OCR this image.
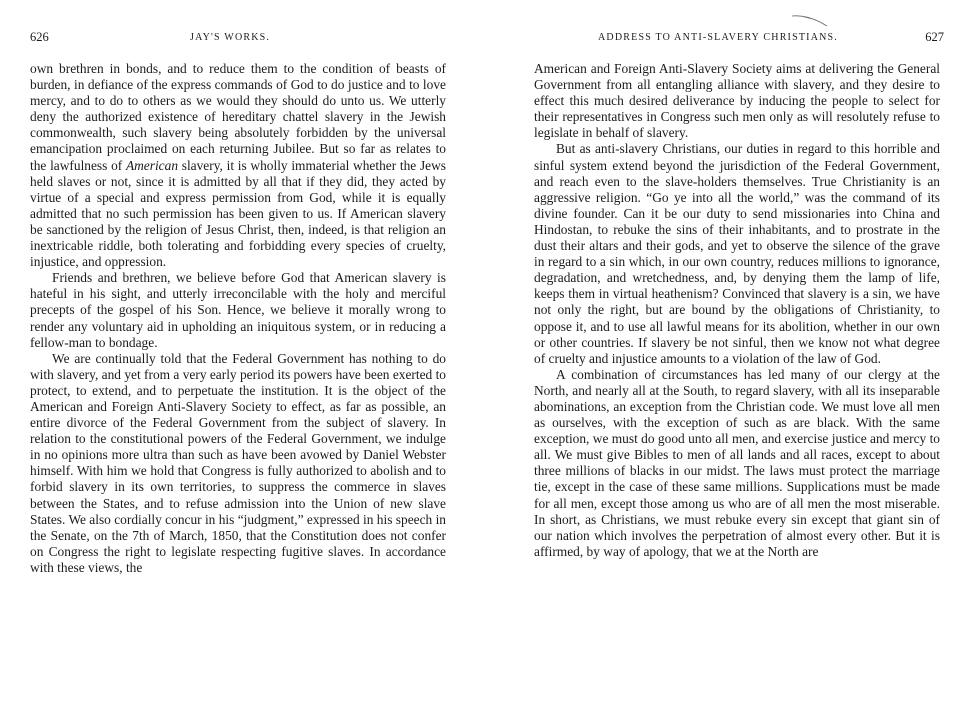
626	JAY'S WORKS.

own brethren in bonds, and to reduce them to the condition of beasts of burden, in defiance of the express commands of God to do justice and to love mercy, and to do to others as we would they should do unto us. We utterly deny the authorized existence of hereditary chattel slavery in the Jewish commonwealth, such slavery being absolutely forbidden by the universal emancipation proclaimed on each returning Jubilee. But so far as relates to the lawfulness of American slavery, it is wholly immaterial whether the Jews held slaves or not, since it is admitted by all that if they did, they acted by virtue of a special and express permission from God, while it is equally admitted that no such permission has been given to us. If American slavery be sanctioned by the religion of Jesus Christ, then, indeed, is that religion an inextricable riddle, both tolerating and forbidding every species of cruelty, injustice, and oppression.

Friends and brethren, we believe before God that American slavery is hateful in his sight, and utterly irreconcilable with the holy and merciful precepts of the gospel of his Son. Hence, we believe it morally wrong to render any voluntary aid in upholding an iniquitous system, or in reducing a fellow-man to bondage.

We are continually told that the Federal Government has nothing to do with slavery, and yet from a very early period its powers have been exerted to protect, to extend, and to perpetuate the institution. It is the object of the American and Foreign Anti-Slavery Society to effect, as far as possible, an entire divorce of the Federal Government from the subject of slavery. In relation to the constitutional powers of the Federal Government, we indulge in no opinions more ultra than such as have been avowed by Daniel Webster himself. With him we hold that Congress is fully authorized to abolish and to forbid slavery in its own territories, to suppress the commerce in slaves between the States, and to refuse admission into the Union of new slave States. We also cordially concur in his “judgment,” expressed in his speech in the Senate, on the 7th of March, 1850, that the Constitution does not confer on Congress the right to legislate respecting fugitive slaves. In accordance with these views, the

ADDRESS TO ANTI-SLAVERY CHRISTIANS.	627

American and Foreign Anti-Slavery Society aims at delivering the General Government from all entangling alliance with slavery, and they desire to effect this much desired deliverance by inducing the people to select for their representatives in Congress such men only as will resolutely refuse to legislate in behalf of slavery.

But as anti-slavery Christians, our duties in regard to this horrible and sinful system extend beyond the jurisdiction of the Federal Government, and reach even to the slave-holders themselves. True Christianity is an aggressive religion. “Go ye into all the world,” was the command of its divine founder. Can it be our duty to send missionaries into China and Hindostan, to rebuke the sins of their inhabitants, and to prostrate in the dust their altars and their gods, and yet to observe the silence of the grave in regard to a sin which, in our own country, reduces millions to ignorance, degradation, and wretchedness, and, by denying them the lamp of life, keeps them in virtual heathenism? Convinced that slavery is a sin, we have not only the right, but are bound by the obligations of Christianity, to oppose it, and to use all lawful means for its abolition, whether in our own or other countries. If slavery be not sinful, then we know not what degree of cruelty and injustice amounts to a violation of the law of God.

A combination of circumstances has led many of our clergy at the North, and nearly all at the South, to regard slavery, with all its inseparable abominations, an exception from the Christian code. We must love all men as ourselves, with the exception of such as are black. With the same exception, we must do good unto all men, and exercise justice and mercy to all. We must give Bibles to men of all lands and all races, except to about three millions of blacks in our midst. The laws must protect the marriage tie, except in the case of these same millions. Supplications must be made for all men, except those among us who are of all men the most miserable. In short, as Christians, we must rebuke every sin except that giant sin of our nation which involves the perpetration of almost every other. But it is affirmed, by way of apology, that we at the North are
